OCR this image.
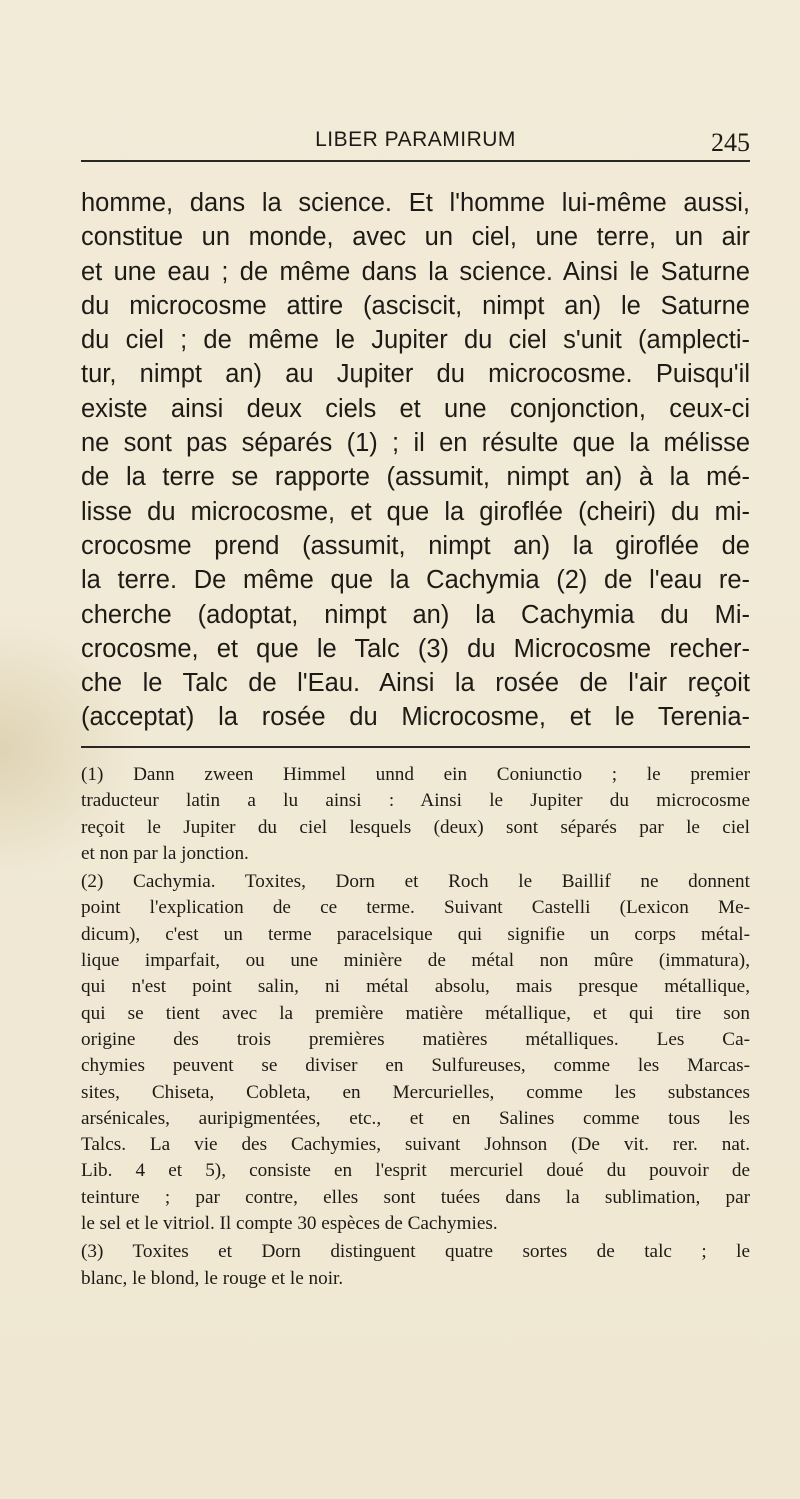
LIBER PARAMIRUM	245
homme, dans la science. Et l'homme lui-même aussi,
constitue un monde, avec un ciel, une terre, un air
et une eau ; de même dans la science. Ainsi le Saturne
du microcosme attire (asciscit, nimpt an) le Saturne
du ciel ; de même le Jupiter du ciel s'unit (amplecti-
tur, nimpt an) au Jupiter du microcosme. Puisqu'il
existe ainsi deux ciels et une conjonction, ceux-ci
ne sont pas séparés (1) ; il en résulte que la mélisse
de la terre se rapporte (assumit, nimpt an) à la mé-
lisse du microcosme, et que la giroflée (cheiri) du mi-
crocosme prend (assumit, nimpt an) la giroflée de
la terre. De même que la Cachymia (2) de l'eau re-
cherche (adoptat, nimpt an) la Cachymia du Mi-
crocosme, et que le Talc (3) du Microcosme recher-
che le Talc de l'Eau. Ainsi la rosée de l'air reçoit
(acceptat) la rosée du Microcosme, et le Terenia-
(1) Dann zween Himmel unnd ein Coniunctio ; le premier
traducteur latin a lu ainsi : Ainsi le Jupiter du microcosme
reçoit le Jupiter du ciel lesquels (deux) sont séparés par le ciel
et non par la jonction.
(2) Cachymia. Toxites, Dorn et Roch le Baillif ne donnent
point l'explication de ce terme. Suivant Castelli (Lexicon Me-
dicum), c'est un terme paracelsique qui signifie un corps métal-
lique imparfait, ou une minière de métal non mûre (immatura),
qui n'est point salin, ni métal absolu, mais presque métallique,
qui se tient avec la première matière métallique, et qui tire son
origine des trois premières matières métalliques. Les Ca-
chymies peuvent se diviser en Sulfureuses, comme les Marcas-
sites, Chiseta, Cobleta, en Mercurielles, comme les substances
arsénicales, auripigmentées, etc., et en Salines comme tous les
Talcs. La vie des Cachymies, suivant Johnson (De vit. rer. nat.
Lib. 4 et 5), consiste en l'esprit mercuriel doué du pouvoir de
teinture ; par contre, elles sont tuées dans la sublimation, par
le sel et le vitriol. Il compte 30 espèces de Cachymies.
(3) Toxites et Dorn distinguent quatre sortes de talc ; le
blanc, le blond, le rouge et le noir.
